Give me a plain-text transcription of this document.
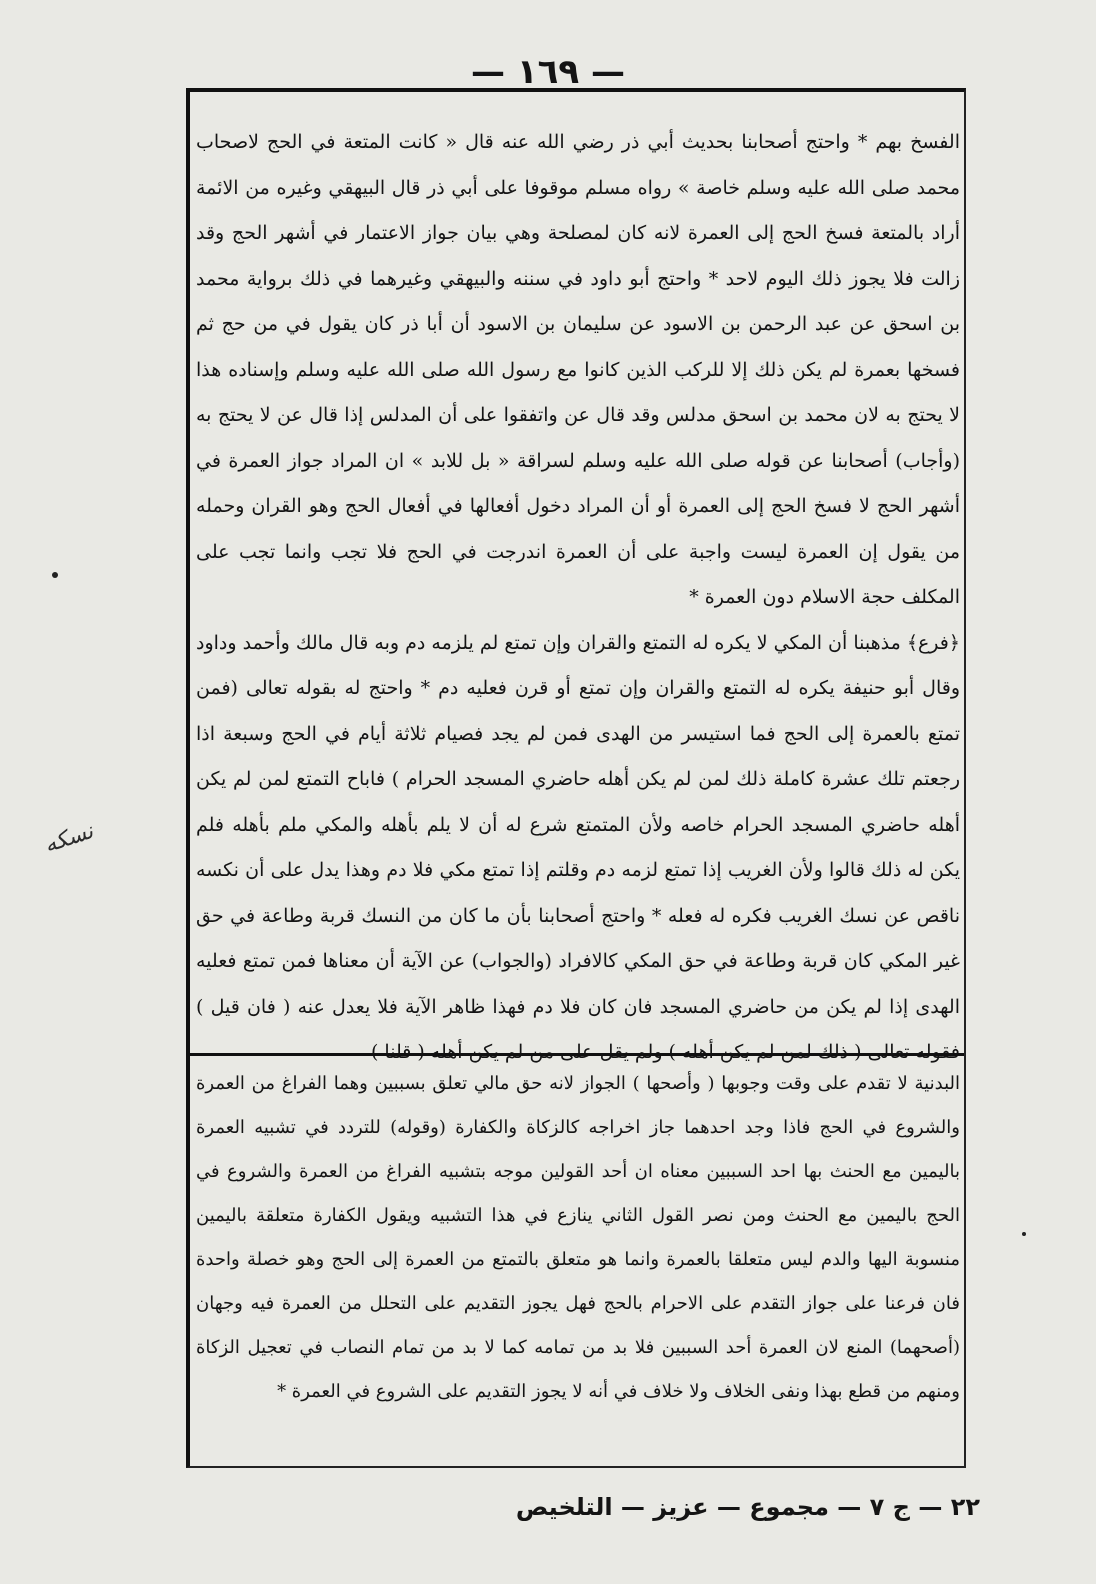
— ١٦٩ —

الفسخ بهم * واحتج أصحابنا بحديث أبي ذر رضي الله عنه قال « كانت المتعة في الحج لاصحاب محمد صلى الله عليه وسلم خاصة » رواه مسلم موقوفا على أبي ذر قال البيهقي وغيره من الائمة أراد بالمتعة فسخ الحج إلى العمرة لانه كان لمصلحة وهي بيان جواز الاعتمار في أشهر الحج وقد زالت فلا يجوز ذلك اليوم لاحد * واحتج أبو داود في سننه والبيهقي وغيرهما في ذلك برواية محمد بن اسحق عن عبد الرحمن بن الاسود عن سليمان بن الاسود أن أبا ذر كان يقول في من حج ثم فسخها بعمرة لم يكن ذلك إلا للركب الذين كانوا مع رسول الله صلى الله عليه وسلم وإسناده هذا لا يحتج به لان محمد بن اسحق مدلس وقد قال عن واتفقوا على أن المدلس إذا قال عن لا يحتج به (وأجاب) أصحابنا عن قوله صلى الله عليه وسلم لسراقة « بل للابد » ان المراد جواز العمرة في أشهر الحج لا فسخ الحج إلى العمرة أو أن المراد دخول أفعالها في أفعال الحج وهو القران وحمله من يقول إن العمرة ليست واجبة على أن العمرة اندرجت في الحج فلا تجب وانما تجب على المكلف حجة الاسلام دون العمرة *

﴿فرع﴾ مذهبنا أن المكي لا يكره له التمتع والقران وإن تمتع لم يلزمه دم وبه قال مالك وأحمد وداود وقال أبو حنيفة يكره له التمتع والقران وإن تمتع أو قرن فعليه دم * واحتج له بقوله تعالى (فمن تمتع بالعمرة إلى الحج فما استيسر من الهدى فمن لم يجد فصيام ثلاثة أيام في الحج وسبعة اذا رجعتم تلك عشرة كاملة ذلك لمن لم يكن أهله حاضري المسجد الحرام ) فاباح التمتع لمن لم يكن أهله حاضري المسجد الحرام خاصه ولأن المتمتع شرع له أن لا يلم بأهله والمكي ملم بأهله فلم يكن له ذلك قالوا ولأن الغريب إذا تمتع لزمه دم وقلتم إذا تمتع مكي فلا دم وهذا يدل على أن نكسه ناقص عن نسك الغريب فكره له فعله * واحتج أصحابنا بأن ما كان من النسك قربة وطاعة في حق غير المكي كان قربة وطاعة في حق المكي كالافراد (والجواب) عن الآية أن معناها فمن تمتع فعليه الهدى إذا لم يكن من حاضري المسجد فان كان فلا دم فهذا ظاهر الآية فلا يعدل عنه ( فان قيل ) فقوله تعالى ( ذلك لمن لم يكن أهله ) ولم يقل على من لم يكن أهله ( قلنا )

البدنية لا تقدم على وقت وجوبها ( وأصحها ) الجواز لانه حق مالي تعلق بسببين وهما الفراغ من العمرة والشروع في الحج فاذا وجد احدهما جاز اخراجه كالزكاة والكفارة (وقوله) للتردد في تشبيه العمرة باليمين مع الحنث بها احد السببين معناه ان أحد القولين موجه بتشبيه الفراغ من العمرة والشروع في الحج باليمين مع الحنث ومن نصر القول الثاني ينازع في هذا التشبيه ويقول الكفارة متعلقة باليمين منسوبة اليها والدم ليس متعلقا بالعمرة وانما هو متعلق بالتمتع من العمرة إلى الحج وهو خصلة واحدة فان فرعنا على جواز التقدم على الاحرام بالحج فهل يجوز التقديم على التحلل من العمرة فيه وجهان (أصحهما) المنع لان العمرة أحد السببين فلا بد من تمامه كما لا بد من تمام النصاب في تعجيل الزكاة ومنهم من قطع بهذا ونفى الخلاف ولا خلاف في أنه لا يجوز التقديم على الشروع في العمرة *

نسكه
٢٢ — ج ٧ — مجموع — عزيز — التلخيص
